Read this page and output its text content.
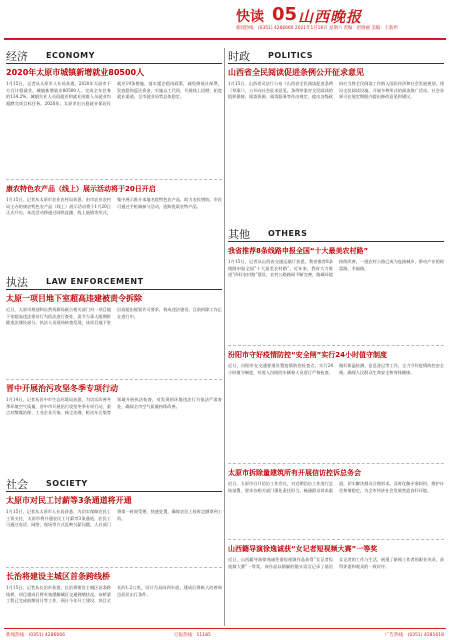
快读 05 山西晚报
新闻热线：(0351) 4286666 2021年1月16日 星期六 责编：赵晓丽 美编：王新玥
经济 ECONOMY
2020年太原市城镇新增就业80500人
1月15日，记者从太原市人社局获悉，2020年太原市千方百计稳就业，城镇新增就业80500人，完成全年任务的134.2%，城镇失业人员再就业和就业困难人员就业均超额完成目标任务。2020年，太原市出台稳就业保居民就业19条措施，落实援企稳岗政策，减免降低社保费，发放稳岗返还资金，实施以工代训，开展线上招聘，拓宽就业渠道，全市就业局势总体稳定。
康农特色农产品（线上）展示活动将于20日开启
1月15日，记者从太原市农业农村局获悉，由市农业农村局主办的康农特色农产品（线上）展示活动将于1月20日正式开启。本次活动将通过网络直播、线上展销等形式，集中展示推介本地名优特色农产品，助力农民增收。市民可通过手机端参与活动，选购优质农特产品。
执法 LAW ENFORCEMENT
太原一项目地下室超高违建被责令拆除
近日，太原市规划和自然资源局联合相关部门对一项目地下室超高违法建设行为依法进行查处，责令当事人限期拆除违法建设部分。执法人员现场核查发现，该项目地下室层高超出规划许可要求，构成违法建设。目前拆除工作正在进行中。
晋中开展治污攻坚冬季专项行动
1月14日，记者从晋中市生态环境局获悉，为切实改善冬季环境空气质量，晋中市开展治污攻坚冬季专项行动，重点对散煤治理、工业企业污染、扬尘治理、机动车污染等领域开展执法检查，对发现的环境违法行为依法严肃查处，确保全市空气质量持续改善。
社会 SOCIETY
太原市对民工讨薪等3条通道将开通
1月15日，记者从太原市人社局获悉，为切实保障农民工工资支付，太原市将开通农民工讨薪等3条通道，农民工可通过电话、网络、现场等方式反映欠薪问题，人社部门将第一时间受理、快速处置，确保农民工按时足额拿到工资。
长治将建设主城区首条跨线桥
1月15日，记者从长治市获悉，长治将建设主城区首条跨线桥，项目建成后将有效缓解城区交通拥堵状况。该桥梁工程已完成前期设计等工作，预计今年开工建设。项目全长约1.2公里，设计为双向四车道，建成后将极大改善周边居民出行条件。
时政 POLITICS
山西省全民阅读促进条例公开征求意见
1月15日，山西省司法厅公布《山西省全民阅读促进条例（草案）》，公开向社会征求意见。条例草案对全民阅读的组织保障、阅读资源、阅读服务等作出规定，提出各级政府应当将全民阅读工作纳入国民经济和社会发展规划，建设全民阅读设施，开展多种形式的阅读推广活动。社会各界可在规定期限内提出修改意见和建议。
其他 OTHERS
我省推荐8条线路申报全国“十大最美农村路”
1月15日，记者从山西省交通运输厅获悉，我省推荐8条线路申报全国“十大最美农村路”。近年来，我省大力推进“四好农村路”建设，农村公路路网不断完善，路域环境持续改善，一批农村公路已成为连接城乡、带动产业的致富路、幸福路。
汾阳市守好疫情防控“安全闸”实行24小时值守制度
近日，汾阳市在交通要道设置疫情防控检查点，实行24小时值守制度，对进入汾阳的车辆和人员进行严格检查，做好体温检测、信息登记等工作，全力守好疫情防控安全闸，确保人民群众生命安全和身体健康。
太原市拆除量建筑所有开展信访控诉总务会
近日，太原市召开信访工作会议，对近期信访工作进行总结部署，要求各相关部门强化责任担当，畅通群众诉求渠道，切实解决群众合理诉求，及时化解矛盾纠纷，维护社会和谐稳定，为全市经济社会发展营造良好环境。
山西籍导演徐逸诚获“女记者短视频大赛”一等奖
近日，山西籍导演徐逸诚凭借短视频作品获得“女记者短视频大赛”一等奖。该作品以细腻的镜头语言记录了基层女记者的工作与生活，展现了新闻工作者的职业风采，获得评委和观众的一致好评。
新闻热线：(0351) 4286666	订报热线：11185	广告热线：(0351) 4281618
